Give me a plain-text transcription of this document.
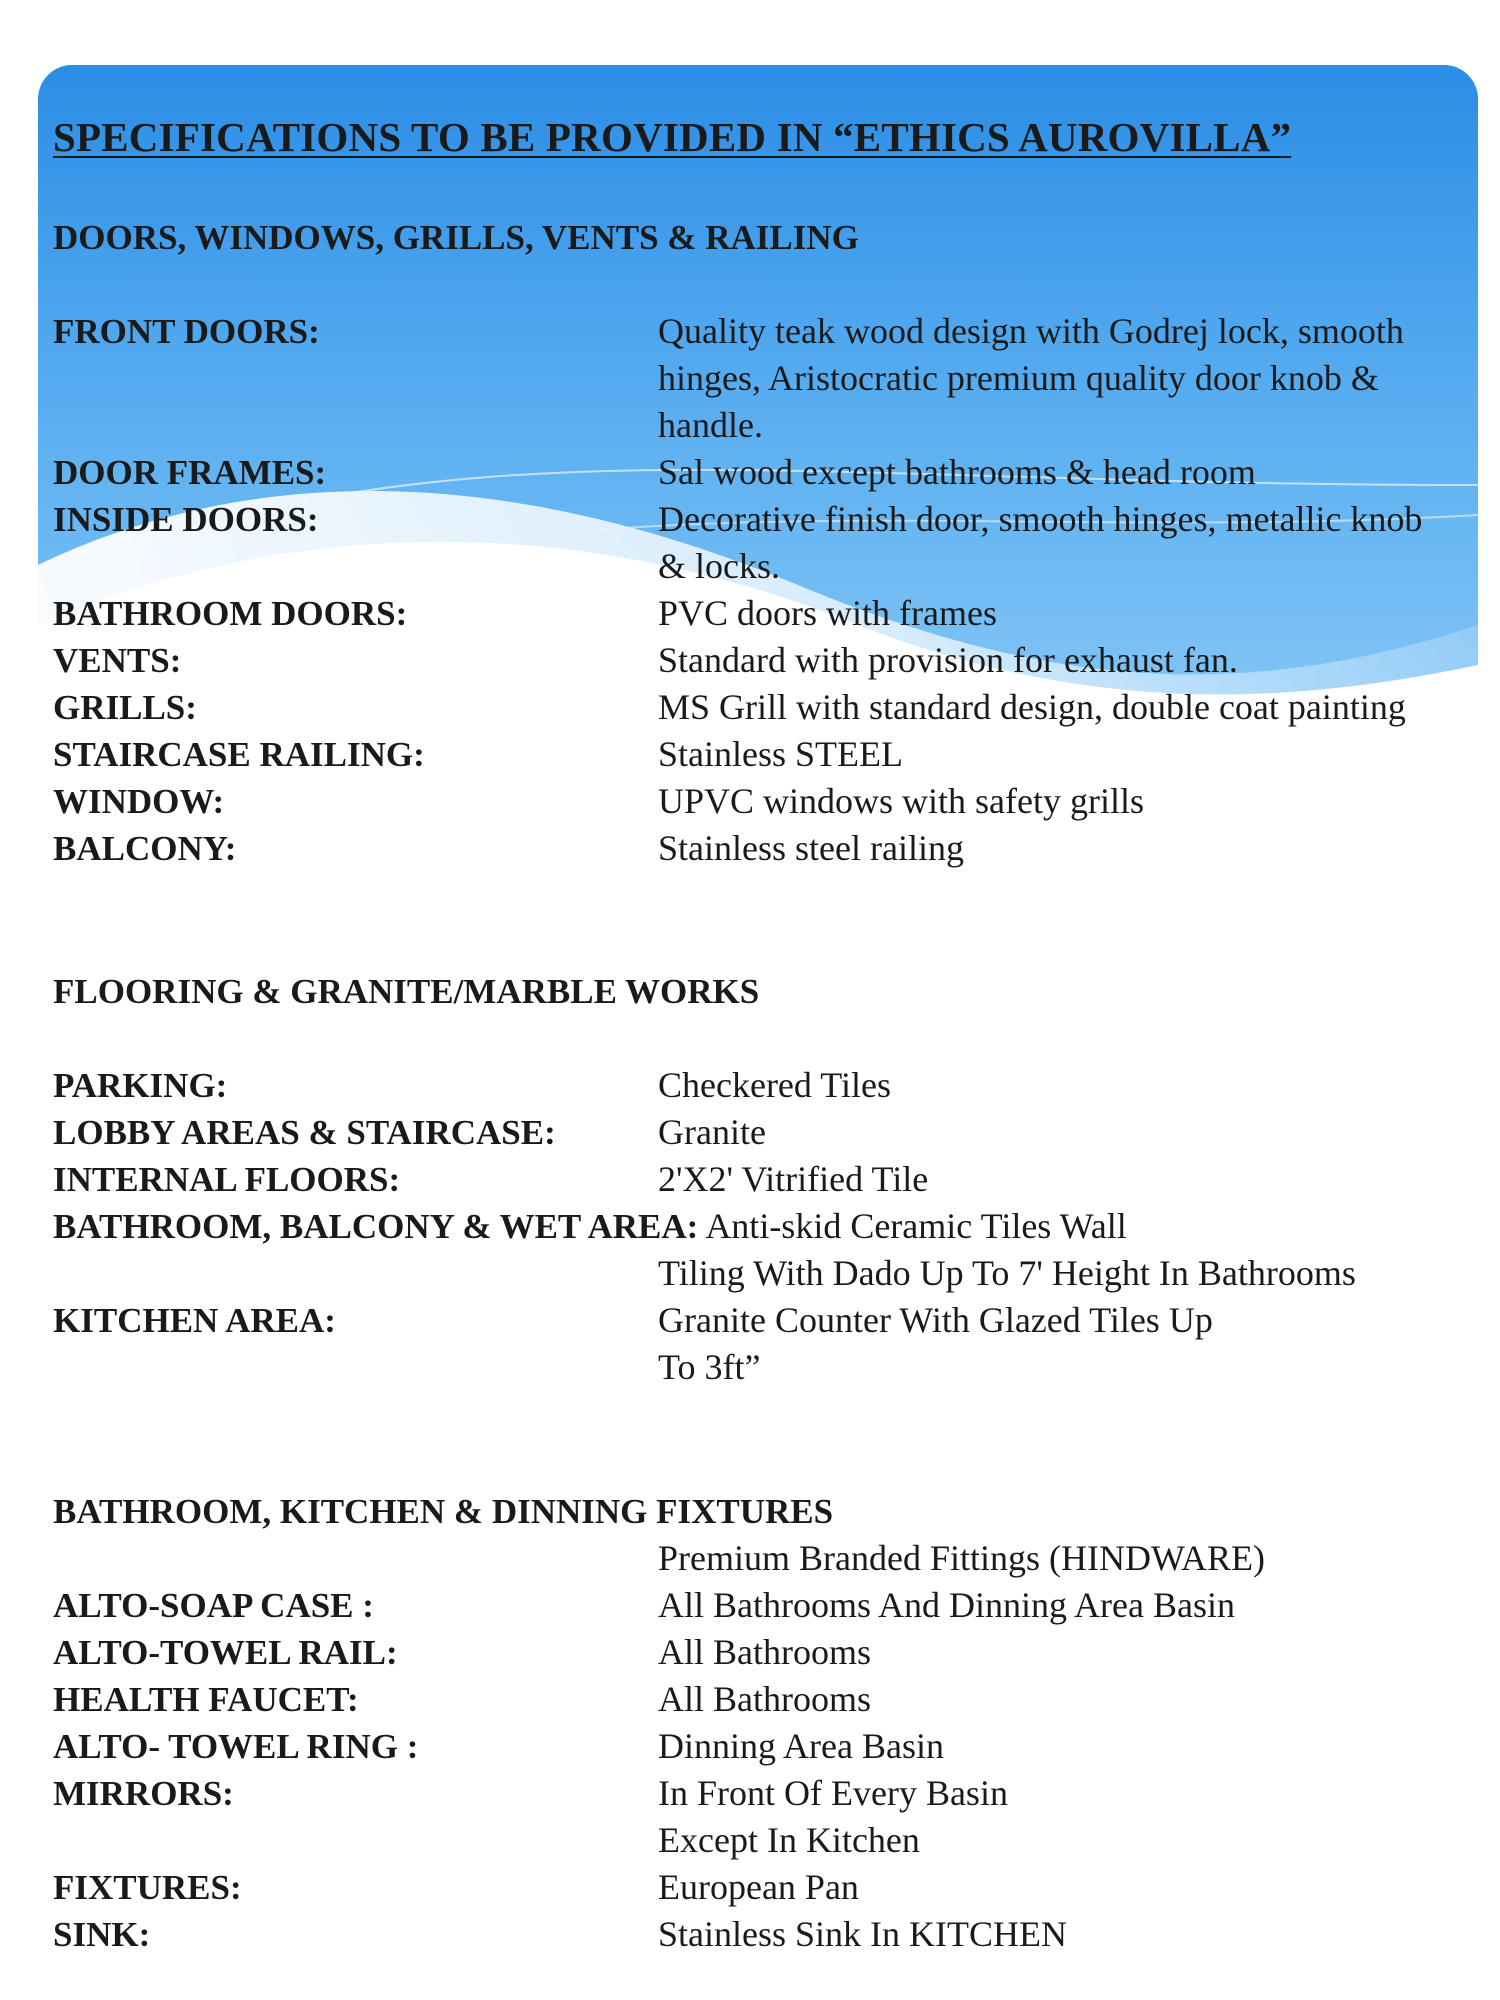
SPECIFICATIONS TO BE PROVIDED IN “ETHICS AUROVILLA”
DOORS, WINDOWS, GRILLS, VENTS & RAILING
FRONT DOORS:	Quality teak wood design with Godrej lock, smooth hinges, Aristocratic premium quality door knob & handle.
DOOR FRAMES:	Sal wood except bathrooms & head room
INSIDE DOORS:	Decorative finish door, smooth hinges, metallic knob & locks.
BATHROOM DOORS:	PVC doors with frames
VENTS:	Standard with provision for exhaust fan.
GRILLS:	MS Grill with standard design, double coat painting
STAIRCASE RAILING:	Stainless STEEL
WINDOW:	UPVC windows with safety grills
BALCONY:	Stainless steel railing
FLOORING & GRANITE/MARBLE WORKS
PARKING:	Checkered Tiles
LOBBY AREAS & STAIRCASE:	Granite
INTERNAL FLOORS:	2'X2' Vitrified Tile
BATHROOM, BALCONY & WET AREA: Anti-skid Ceramic Tiles Wall
Tiling With Dado Up To 7' Height In Bathrooms
KITCHEN AREA:	Granite Counter With Glazed Tiles Up To 3ft”
BATHROOM, KITCHEN & DINNING FIXTURES
Premium Branded Fittings (HINDWARE)
ALTO-SOAP CASE :	All Bathrooms And Dinning Area Basin
ALTO-TOWEL RAIL:	All Bathrooms
HEALTH FAUCET:	All Bathrooms
ALTO- TOWEL RING :	Dinning Area Basin
MIRRORS:	In Front Of Every Basin Except In Kitchen
FIXTURES:	European Pan
SINK:	Stainless Sink In KITCHEN
